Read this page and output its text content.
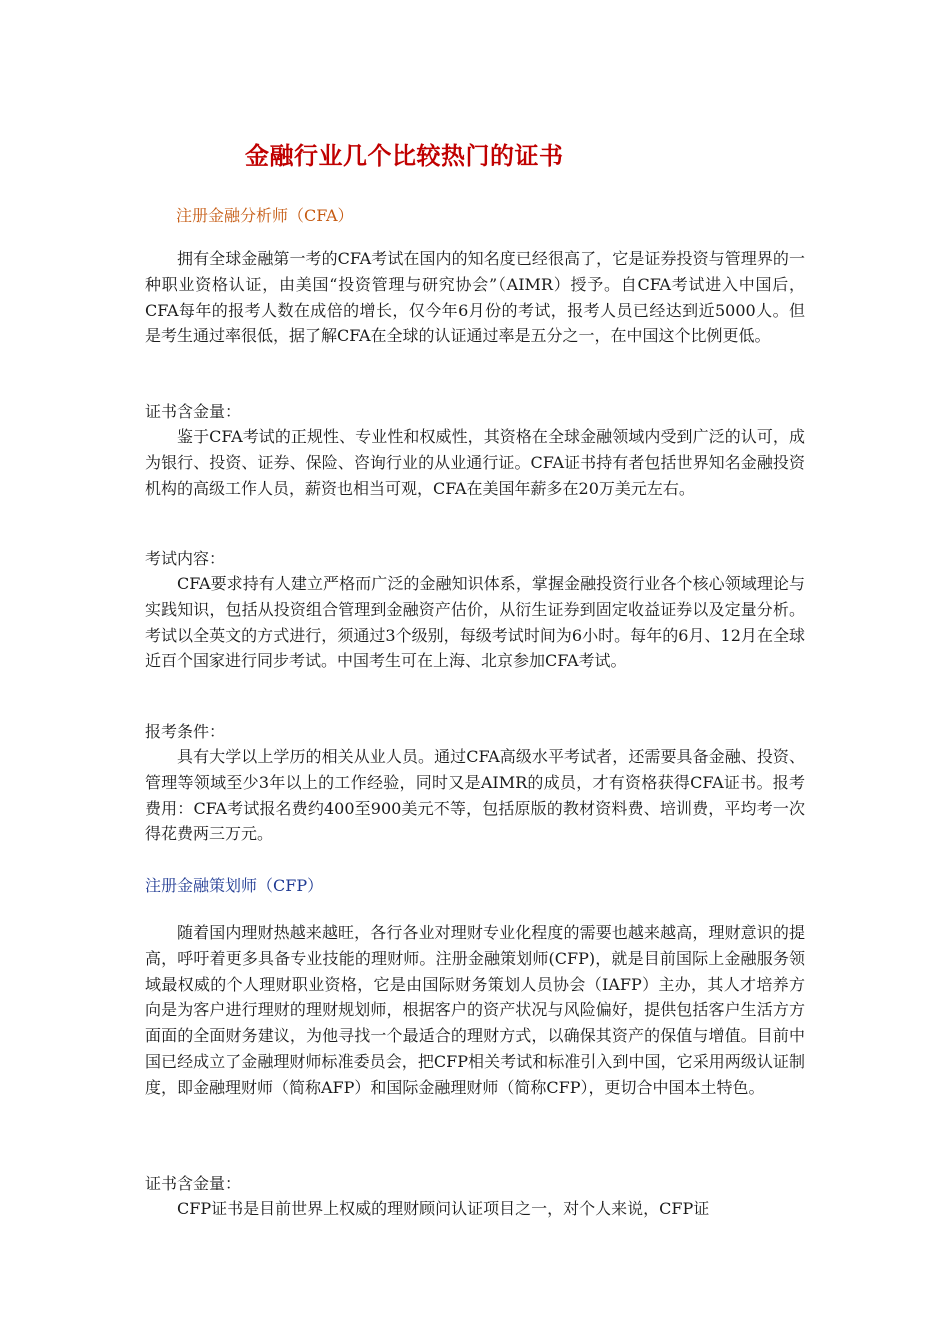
金融行业几个比较热门的证书
注册金融分析师（CFA）

拥有全球金融第一考的CFA考试在国内的知名度已经很高了，它是证券投资与管理界的一种职业资格认证，由美国“投资管理与研究协会”（AIMR）授予。自CFA考试进入中国后，CFA每年的报考人数在成倍的增长，仅今年6月份的考试，报考人员已经达到近5000人。但是考生通过率很低，据了解CFA在全球的认证通过率是五分之一，在中国这个比例更低。

证书含金量：

鉴于CFA考试的正规性、专业性和权威性，其资格在全球金融领域内受到广泛的认可，成为银行、投资、证券、保险、咨询行业的从业通行证。CFA证书持有者包括世界知名金融投资机构的高级工作人员，薪资也相当可观，CFA在美国年薪多在20万美元左右。

考试内容：

CFA要求持有人建立严格而广泛的金融知识体系，掌握金融投资行业各个核心领域理论与实践知识，包括从投资组合管理到金融资产估价，从衍生证券到固定收益证券以及定量分析。考试以全英文的方式进行，须通过3个级别，每级考试时间为6小时。每年的6月、12月在全球近百个国家进行同步考试。中国考生可在上海、北京参加CFA考试。

报考条件：

具有大学以上学历的相关从业人员。通过CFA高级水平考试者，还需要具备金融、投资、管理等领域至少3年以上的工作经验，同时又是AIMR的成员，才有资格获得CFA证书。报考费用：CFA考试报名费约400至900美元不等，包括原版的教材资料费、培训费，平均考一次得花费两三万元。

注册金融策划师（CFP）

随着国内理财热越来越旺，各行各业对理财专业化程度的需要也越来越高，理财意识的提高，呼吁着更多具备专业技能的理财师。注册金融策划师(CFP)，就是目前国际上金融服务领域最权威的个人理财职业资格，它是由国际财务策划人员协会（IAFP）主办，其人才培养方向是为客户进行理财的理财规划师，根据客户的资产状况与风险偏好，提供包括客户生活方方面面的全面财务建议，为他寻找一个最适合的理财方式，以确保其资产的保值与增值。目前中国已经成立了金融理财师标准委员会，把CFP相关考试和标准引入到中国，它采用两级认证制度，即金融理财师（简称AFP）和国际金融理财师（简称CFP），更切合中国本土特色。

证书含金量：

CFP证书是目前世界上权威的理财顾问认证项目之一，对个人来说，CFP证
